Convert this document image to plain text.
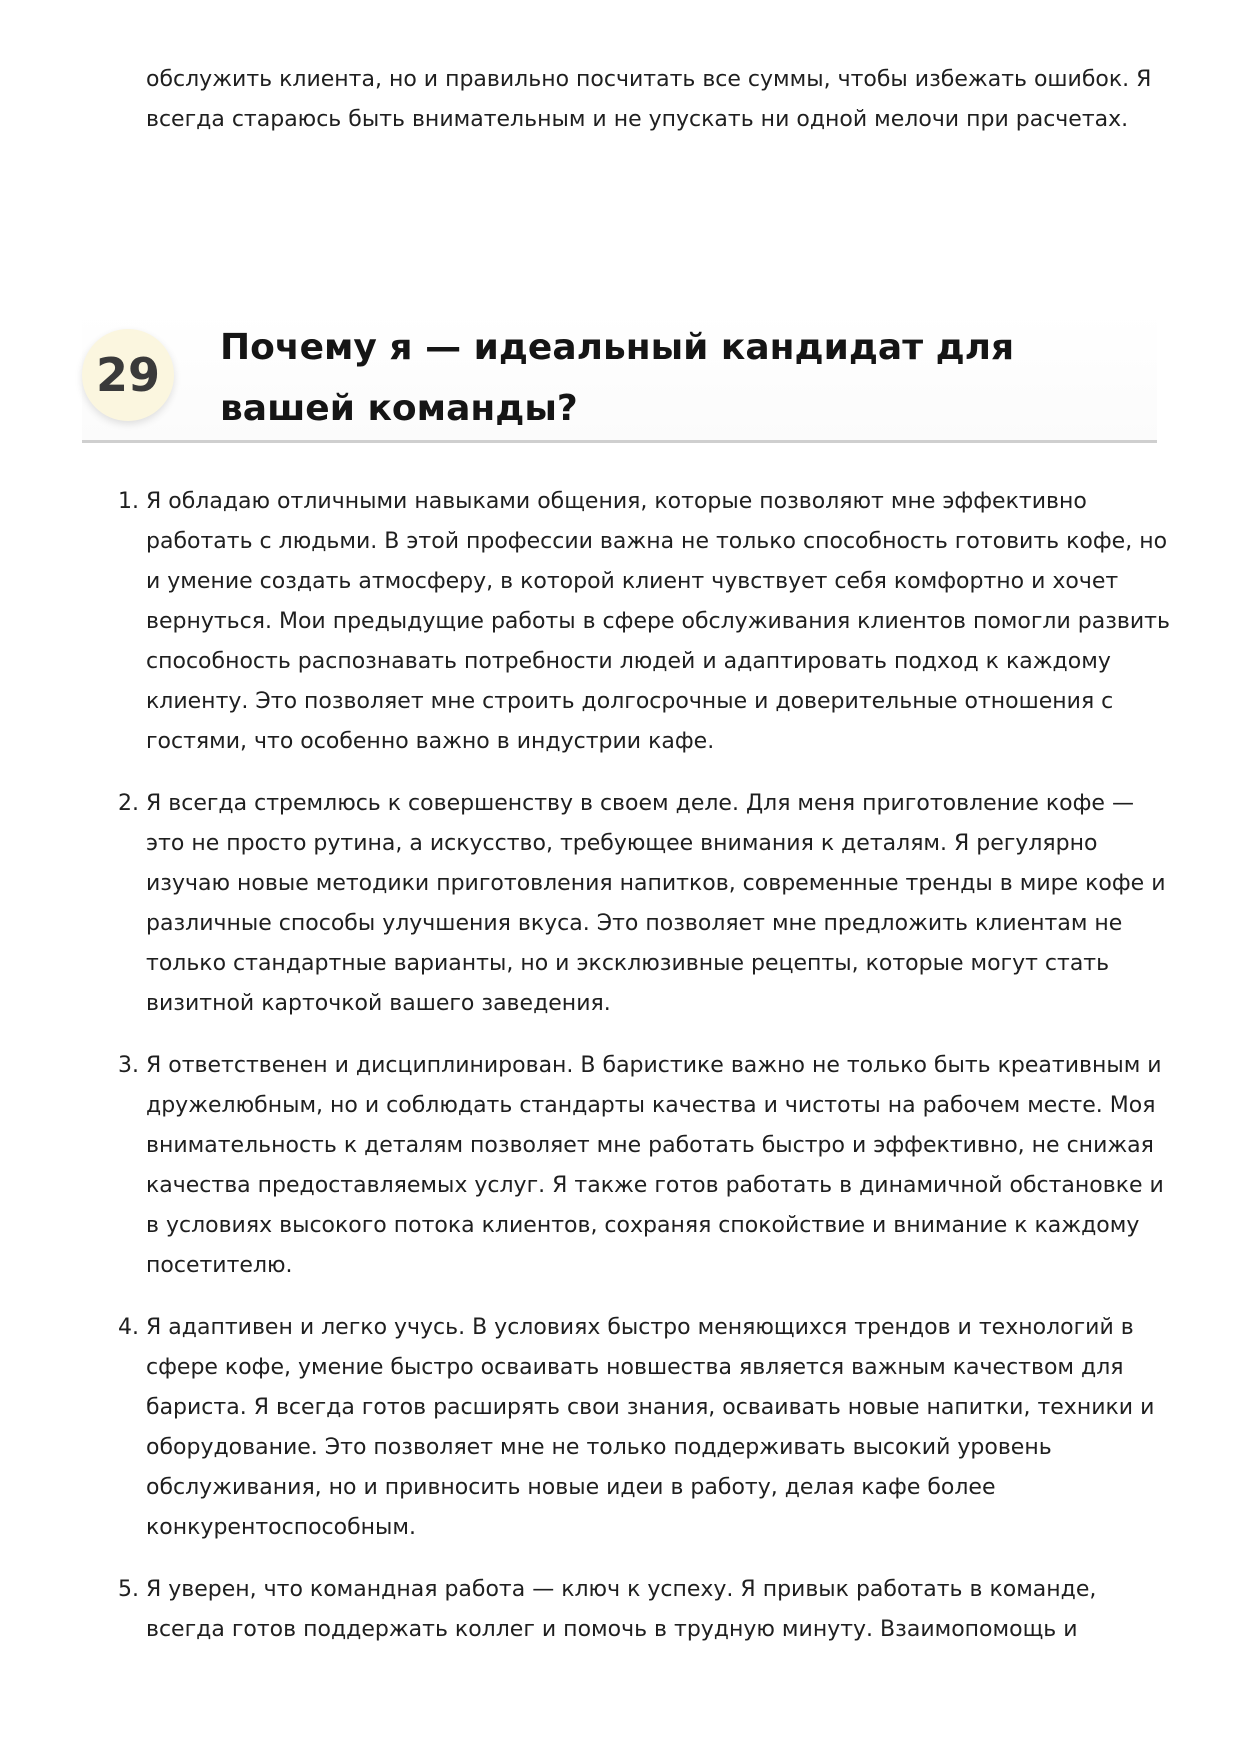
обслужить клиента, но и правильно посчитать все суммы, чтобы избежать ошибок. Я всегда стараюсь быть внимательным и не упускать ни одной мелочи при расчетах.

29
Почему я — идеальный кандидат для вашей команды?
1. Я обладаю отличными навыками общения, которые позволяют мне эффективно работать с людьми. В этой профессии важна не только способность готовить кофе, но и умение создать атмосферу, в которой клиент чувствует себя комфортно и хочет вернуться. Мои предыдущие работы в сфере обслуживания клиентов помогли развить способность распознавать потребности людей и адаптировать подход к каждому клиенту. Это позволяет мне строить долгосрочные и доверительные отношения с гостями, что особенно важно в индустрии кафе.
2. Я всегда стремлюсь к совершенству в своем деле. Для меня приготовление кофе — это не просто рутина, а искусство, требующее внимания к деталям. Я регулярно изучаю новые методики приготовления напитков, современные тренды в мире кофе и различные способы улучшения вкуса. Это позволяет мне предложить клиентам не только стандартные варианты, но и эксклюзивные рецепты, которые могут стать визитной карточкой вашего заведения.
3. Я ответственен и дисциплинирован. В баристике важно не только быть креативным и дружелюбным, но и соблюдать стандарты качества и чистоты на рабочем месте. Моя внимательность к деталям позволяет мне работать быстро и эффективно, не снижая качества предоставляемых услуг. Я также готов работать в динамичной обстановке и в условиях высокого потока клиентов, сохраняя спокойствие и внимание к каждому посетителю.
4. Я адаптивен и легко учусь. В условиях быстро меняющихся трендов и технологий в сфере кофе, умение быстро осваивать новшества является важным качеством для бариста. Я всегда готов расширять свои знания, осваивать новые напитки, техники и оборудование. Это позволяет мне не только поддерживать высокий уровень обслуживания, но и привносить новые идеи в работу, делая кафе более конкурентоспособным.
5. Я уверен, что командная работа — ключ к успеху. Я привык работать в команде, всегда готов поддержать коллег и помочь в трудную минуту. Взаимопомощь и
